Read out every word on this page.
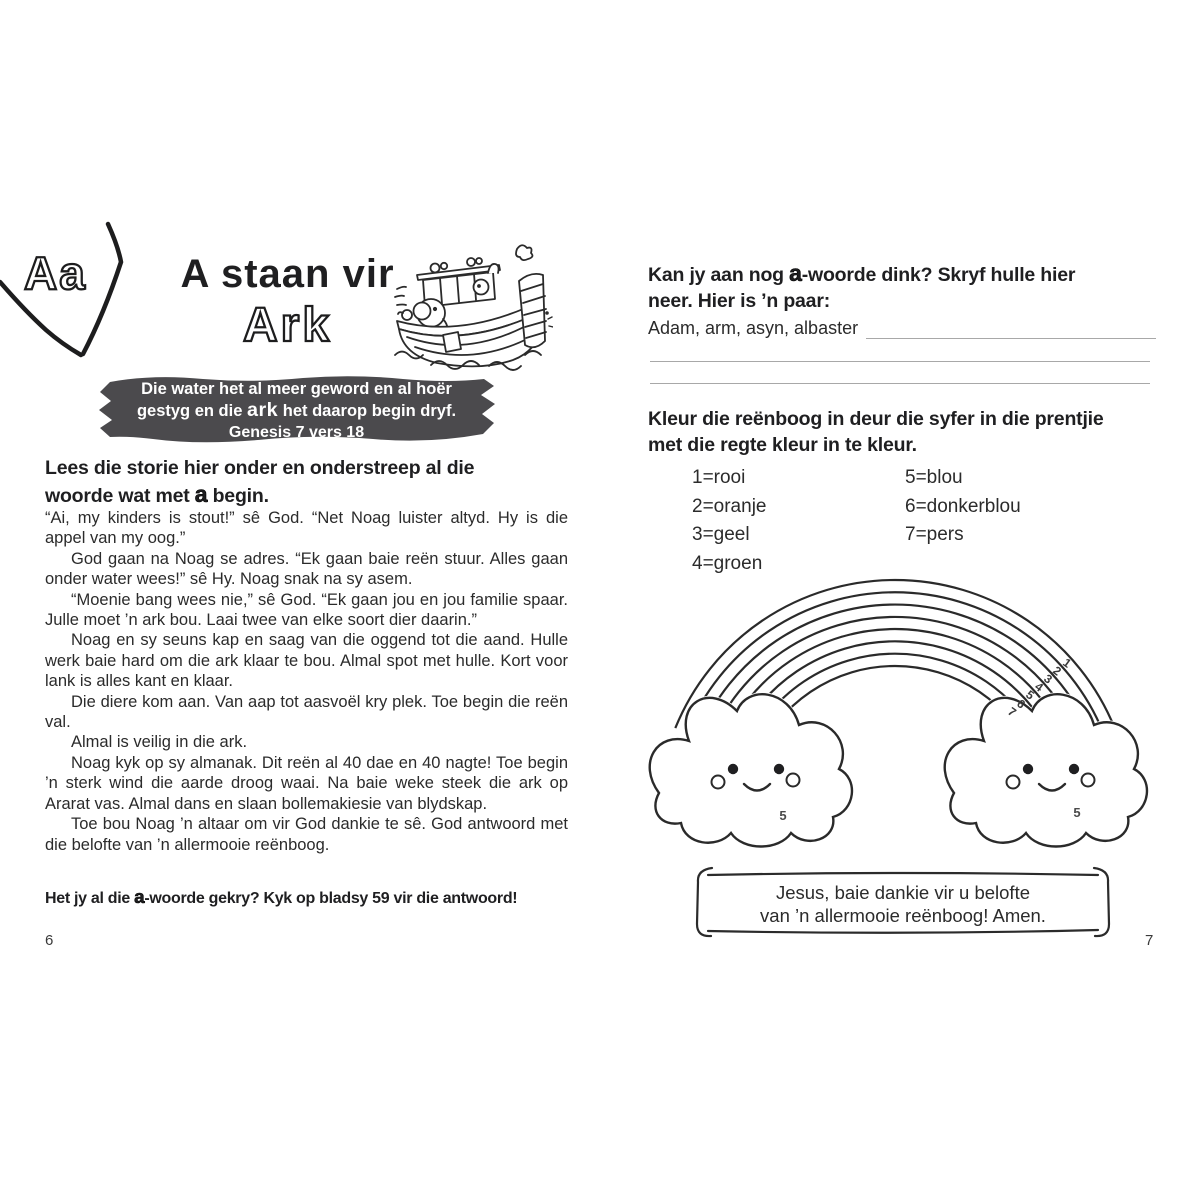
Aa	A staan vir
Ark
Die water het al meer geword en al hoër
gestyg en die ark het daarop begin dryf.
Genesis 7 vers 18
Lees die storie hier onder en onderstreep al die
woorde wat met a begin.

“Ai, my kinders is stout!” sê God. “Net Noag luister altyd. Hy is die appel van my oog.”

God gaan na Noag se adres. “Ek gaan baie reën stuur. Alles gaan onder water wees!” sê Hy. Noag snak na sy asem.

“Moenie bang wees nie,” sê God. “Ek gaan jou en jou familie spaar. Julle moet ’n ark bou. Laai twee van elke soort dier daarin.”

Noag en sy seuns kap en saag van die oggend tot die aand. Hulle werk baie hard om die ark klaar te bou. Almal spot met hulle. Kort voor lank is alles kant en klaar.

Die diere kom aan. Van aap tot aasvoël kry plek. Toe begin die reën val.

Almal is veilig in die ark.

Noag kyk op sy almanak. Dit reën al 40 dae en 40 nagte! Toe begin ’n sterk wind die aarde droog waai. Na baie weke steek die ark op Ararat vas. Almal dans en slaan bollemakiesie van blydskap.

Toe bou Noag ’n altaar om vir God dankie te sê. God antwoord met die belofte van ’n allermooie reënboog.

Het jy al die a-woorde gekry? Kyk op bladsy 59 vir die antwoord!
6
Kan jy aan nog a-woorde dink? Skryf hulle hier
neer. Hier is ’n paar:
Adam, arm, asyn, albaster
Kleur die reënboog in deur die syfer in die prentjie
met die regte kleur in te kleur.
1=rooi
2=oranje
3=geel
4=groen
5=blou
6=donkerblou
7=pers
5	5
1
2
3
4
5
6
7
Jesus, baie dankie vir u belofte
van ’n allermooie reënboog! Amen.
7
